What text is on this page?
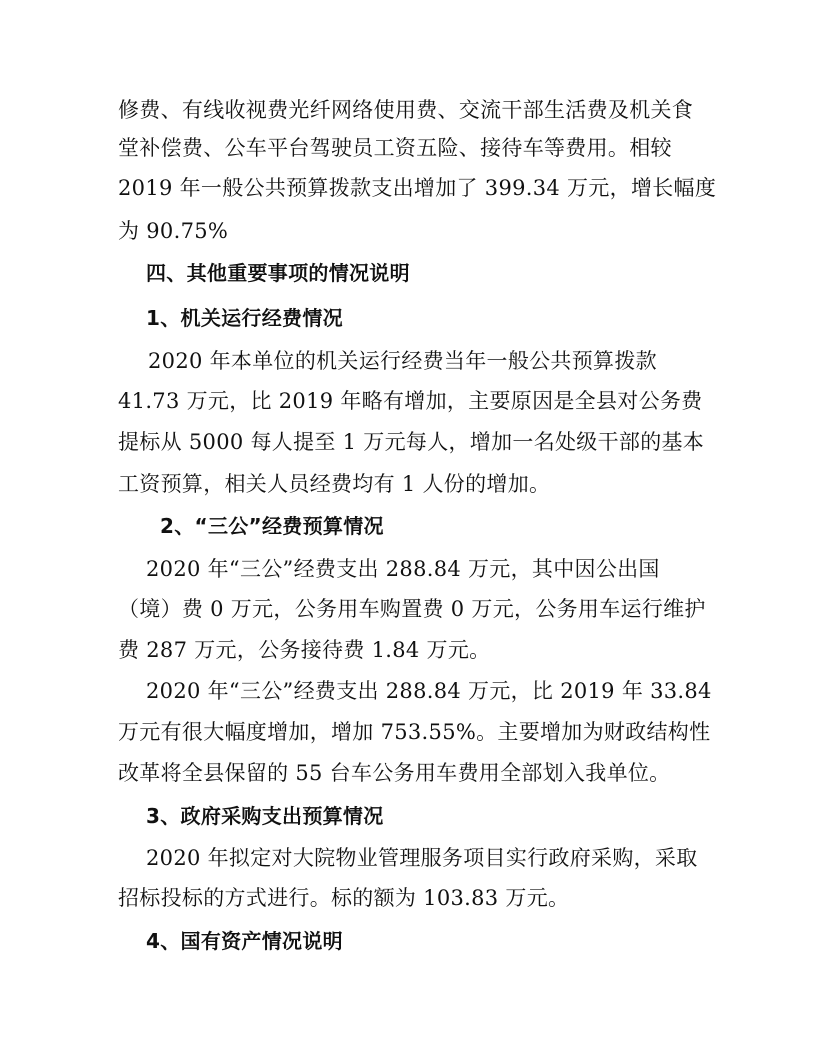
修费、有线收视费光纤网络使用费、交流干部生活费及机关食
堂补偿费、公车平台驾驶员工资五险、接待车等费用。相较
2019 年一般公共预算拨款支出增加了 399.34 万元，增长幅度
为 90.75%
四、其他重要事项的情况说明
1、机关运行经费情况
2020 年本单位的机关运行经费当年一般公共预算拨款
41.73 万元，比 2019 年略有增加，主要原因是全县对公务费
提标从 5000 每人提至 1 万元每人，增加一名处级干部的基本
工资预算，相关人员经费均有 1 人份的增加。
2、“三公”经费预算情况
2020 年“三公”经费支出 288.84 万元，其中因公出国
（境）费 0 万元，公务用车购置费 0 万元，公务用车运行维护
费 287 万元，公务接待费 1.84 万元。
2020 年“三公”经费支出 288.84 万元，比 2019 年 33.84
万元有很大幅度增加，增加 753.55%。主要增加为财政结构性
改革将全县保留的 55 台车公务用车费用全部划入我单位。
3、政府采购支出预算情况
2020 年拟定对大院物业管理服务项目实行政府采购，采取
招标投标的方式进行。标的额为 103.83 万元。
4、国有资产情况说明
